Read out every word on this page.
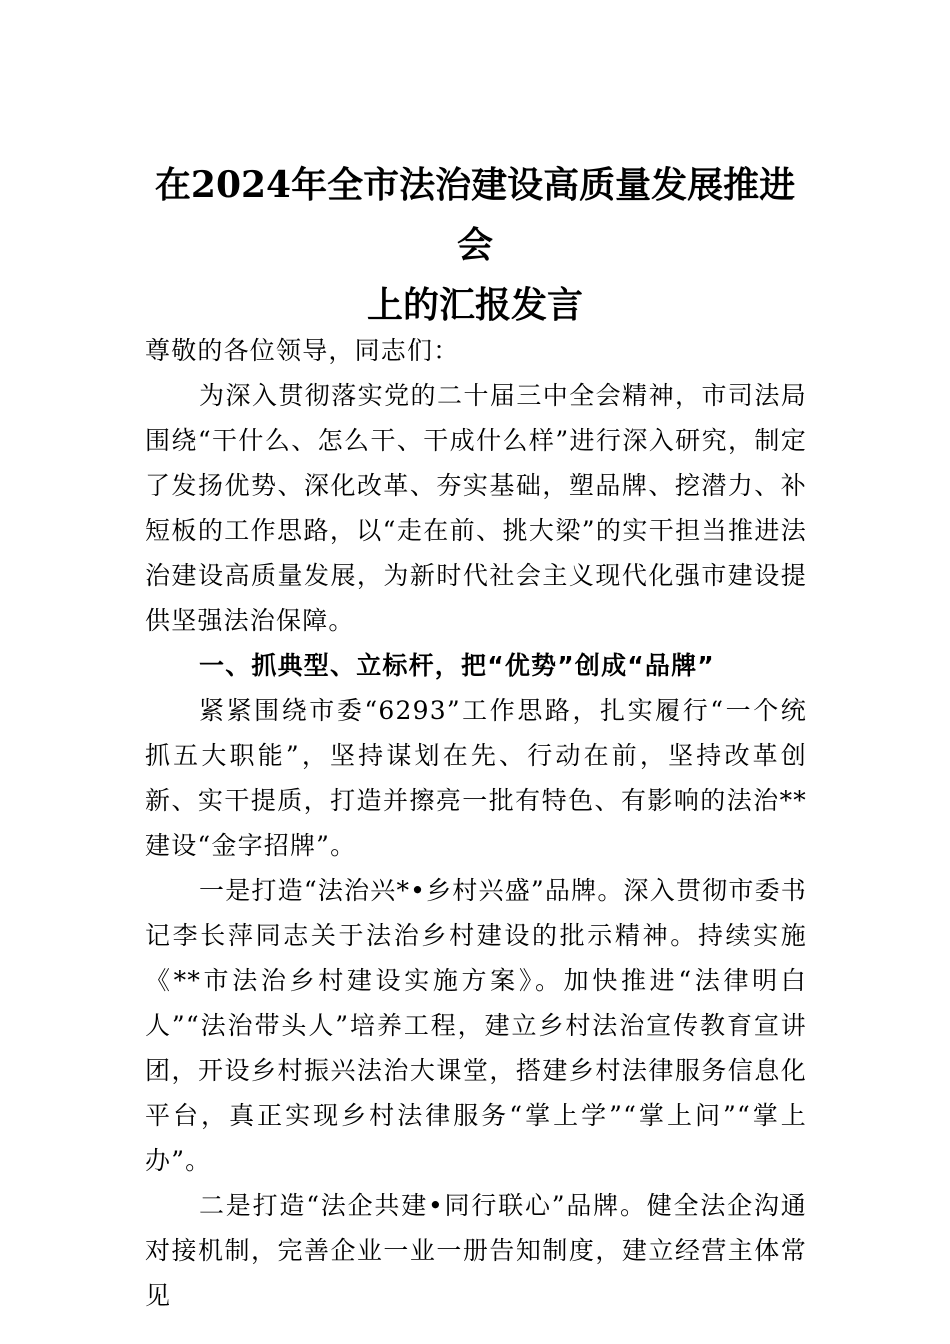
在2024年全市法治建设高质量发展推进会
上的汇报发言

尊敬的各位领导，同志们：

为深入贯彻落实党的二十届三中全会精神，市司法局围绕“干什么、怎么干、干成什么样”进行深入研究，制定了发扬优势、深化改革、夯实基础，塑品牌、挖潜力、补短板的工作思路，以“走在前、挑大梁”的实干担当推进法治建设高质量发展，为新时代社会主义现代化强市建设提供坚强法治保障。

一、抓典型、立标杆，把“优势”创成“品牌”

紧紧围绕市委“6293”工作思路，扎实履行“一个统抓五大职能”，坚持谋划在先、行动在前，坚持改革创新、实干提质，打造并擦亮一批有特色、有影响的法治**建设“金字招牌”。

一是打造“法治兴*•乡村兴盛”品牌。深入贯彻市委书记李长萍同志关于法治乡村建设的批示精神。持续实施《**市法治乡村建设实施方案》。加快推进“法律明白人”“法治带头人”培养工程，建立乡村法治宣传教育宣讲团，开设乡村振兴法治大课堂，搭建乡村法律服务信息化平台，真正实现乡村法律服务“掌上学”“掌上问”“掌上办”。

二是打造“法企共建•同行联心”品牌。健全法企沟通对接机制，完善企业一业一册告知制度，建立经营主体常见
